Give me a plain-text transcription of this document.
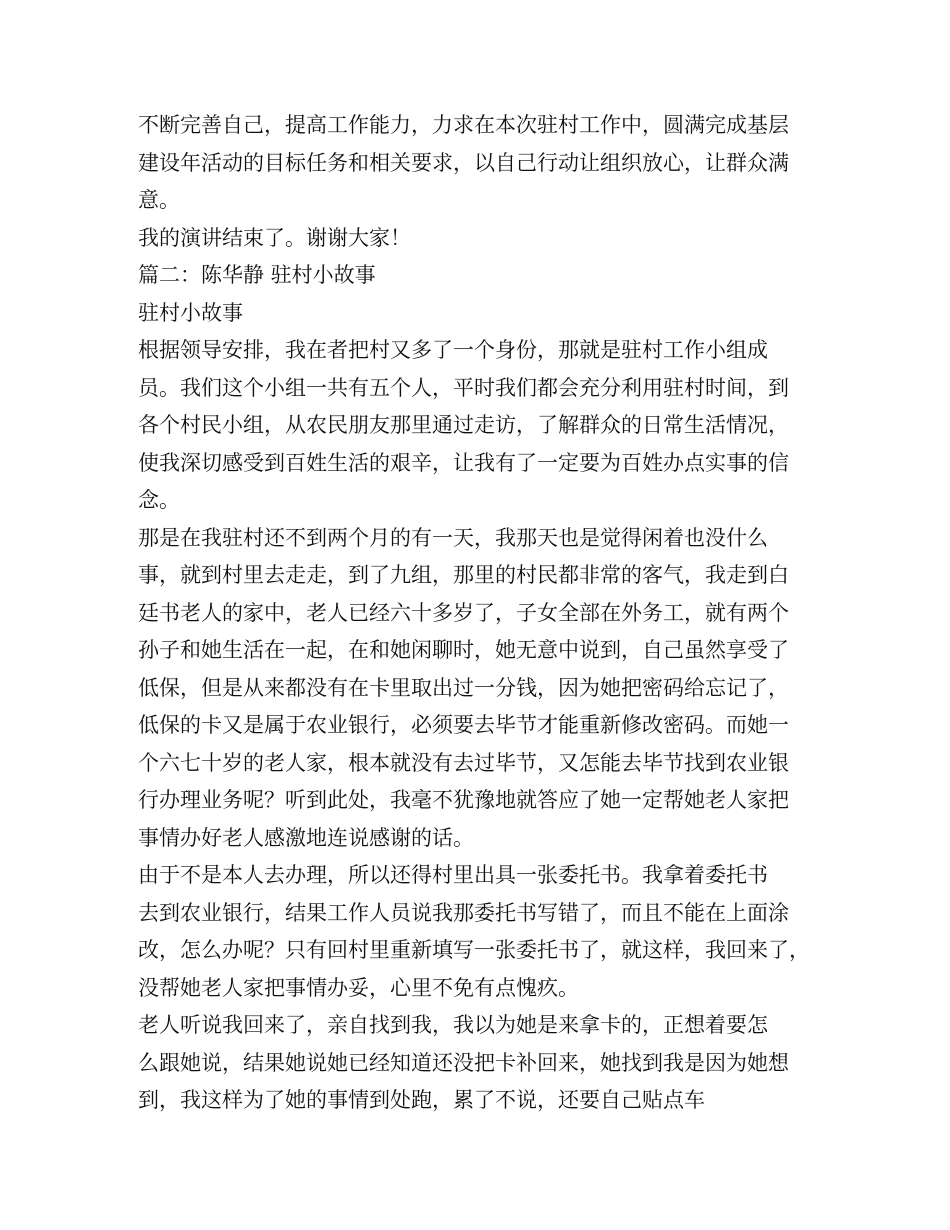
不断完善自己，提高工作能力，力求在本次驻村工作中，圆满完成基层
建设年活动的目标任务和相关要求，以自己行动让组织放心，让群众满
意。
我的演讲结束了。谢谢大家！
篇二：陈华静 驻村小故事
驻村小故事
根据领导安排，我在者把村又多了一个身份，那就是驻村工作小组成
员。我们这个小组一共有五个人，平时我们都会充分利用驻村时间，到
各个村民小组，从农民朋友那里通过走访，了解群众的日常生活情况，
使我深切感受到百姓生活的艰辛，让我有了一定要为百姓办点实事的信
念。
那是在我驻村还不到两个月的有一天，我那天也是觉得闲着也没什么
事，就到村里去走走，到了九组，那里的村民都非常的客气，我走到白
廷书老人的家中，老人已经六十多岁了，子女全部在外务工，就有两个
孙子和她生活在一起，在和她闲聊时，她无意中说到，自己虽然享受了
低保，但是从来都没有在卡里取出过一分钱，因为她把密码给忘记了，
低保的卡又是属于农业银行，必须要去毕节才能重新修改密码。而她一
个六七十岁的老人家，根本就没有去过毕节，又怎能去毕节找到农业银
行办理业务呢？听到此处，我毫不犹豫地就答应了她一定帮她老人家把
事情办好老人感激地连说感谢的话。
由于不是本人去办理，所以还得村里出具一张委托书。我拿着委托书
去到农业银行，结果工作人员说我那委托书写错了，而且不能在上面涂
改，怎么办呢？只有回村里重新填写一张委托书了，就这样，我回来了，
没帮她老人家把事情办妥，心里不免有点愧疚。
老人听说我回来了，亲自找到我，我以为她是来拿卡的，正想着要怎
么跟她说，结果她说她已经知道还没把卡补回来，她找到我是因为她想
到，我这样为了她的事情到处跑，累了不说，还要自己贴点车
